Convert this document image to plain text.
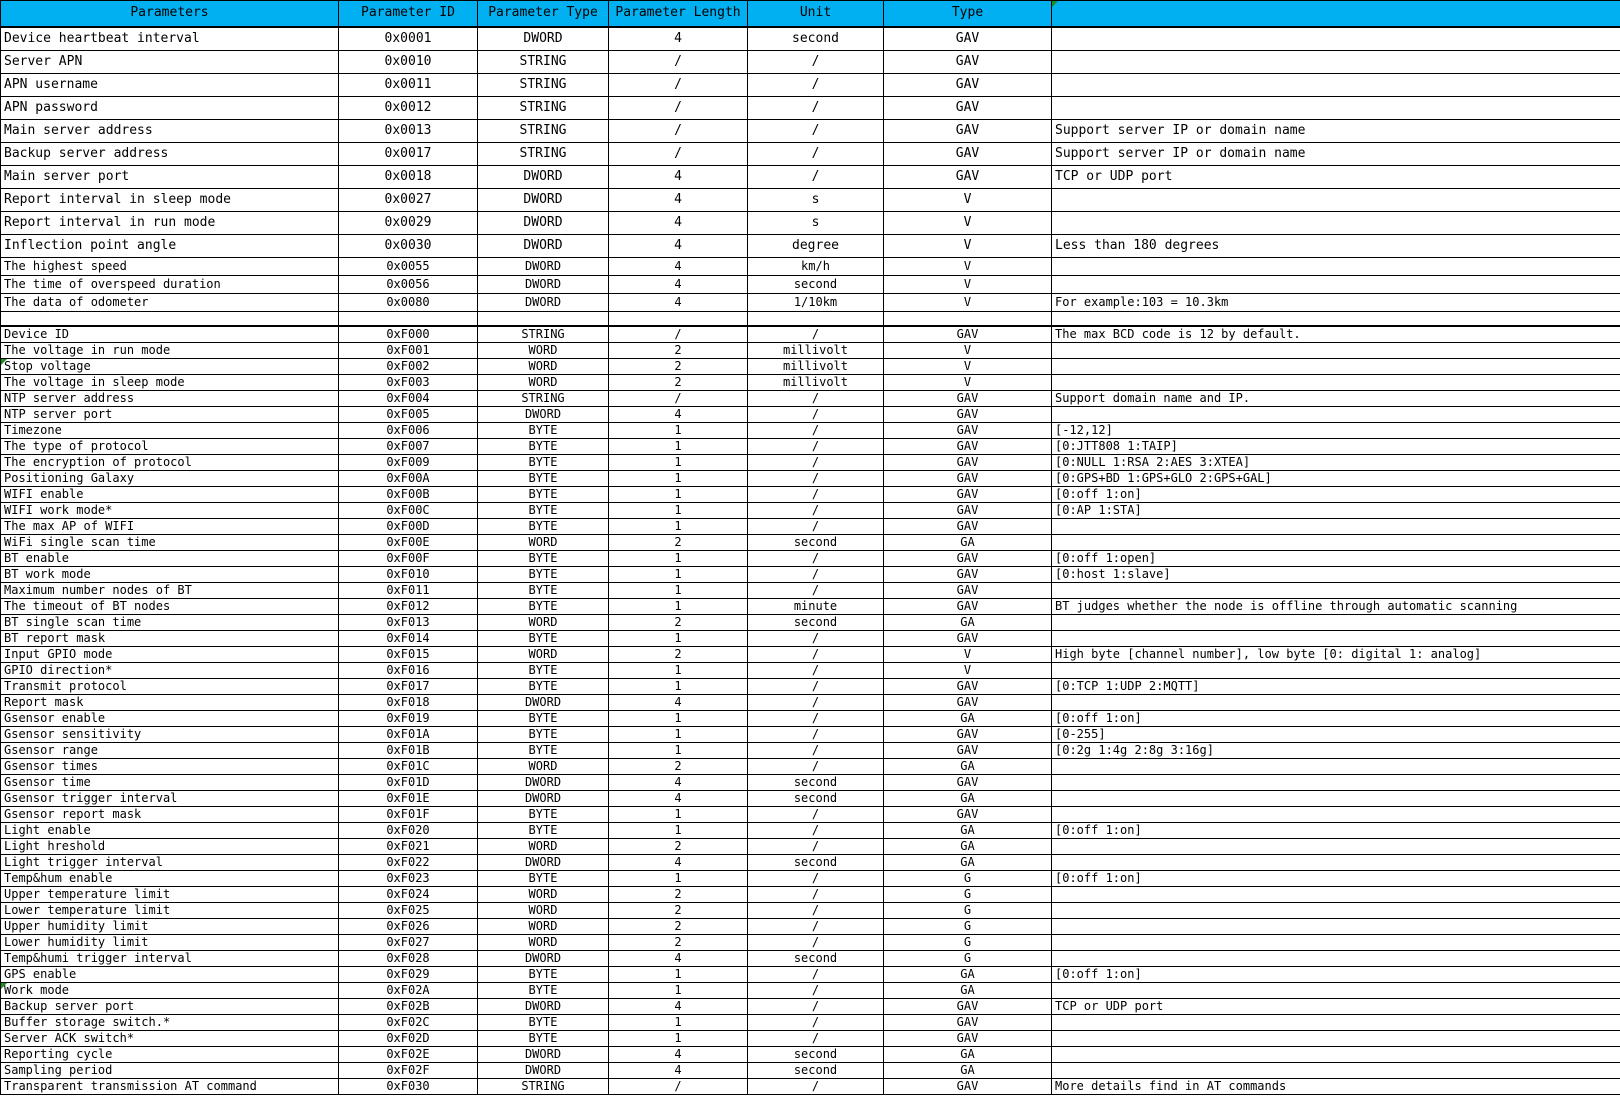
Parameters	Parameter ID	Parameter Type	Parameter Length	Unit	Type	

Device heartbeat interval	0x0001	DWORD	4	second	GAV	
Server APN	0x0010	STRING	/	/	GAV	
APN username	0x0011	STRING	/	/	GAV	
APN password	0x0012	STRING	/	/	GAV	
Main server address	0x0013	STRING	/	/	GAV	Support server IP or domain name
Backup server address	0x0017	STRING	/	/	GAV	Support server IP or domain name
Main server port	0x0018	DWORD	4	/	GAV	TCP or UDP port
Report interval in sleep mode	0x0027	DWORD	4	s	V	
Report interval in run mode	0x0029	DWORD	4	s	V	
Inflection point angle	0x0030	DWORD	4	degree	V	Less than 180 degrees
The highest speed	0x0055	DWORD	4	km/h	V	
The time of overspeed duration	0x0056	DWORD	4	second	V	
The data of odometer	0x0080	DWORD	4	1/10km	V	For example:103 = 10.3km

Device ID	0xF000	STRING	/	/	GAV	The max BCD code is 12 by default.
The voltage in run mode	0xF001	WORD	2	millivolt	V	
Stop voltage	0xF002	WORD	2	millivolt	V	
The voltage in sleep mode	0xF003	WORD	2	millivolt	V	
NTP server address	0xF004	STRING	/	/	GAV	Support domain name and IP.
NTP server port	0xF005	DWORD	4	/	GAV	
Timezone	0xF006	BYTE	1	/	GAV	[-12,12]
The type of protocol	0xF007	BYTE	1	/	GAV	[0:JTT808 1:TAIP]
The encryption of protocol	0xF009	BYTE	1	/	GAV	[0:NULL 1:RSA 2:AES 3:XTEA]
Positioning Galaxy	0xF00A	BYTE	1	/	GAV	[0:GPS+BD 1:GPS+GLO 2:GPS+GAL]
WIFI enable	0xF00B	BYTE	1	/	GAV	[0:off 1:on]
WIFI work mode*	0xF00C	BYTE	1	/	GAV	[0:AP 1:STA]
The max AP of WIFI	0xF00D	BYTE	1	/	GAV	
WiFi single scan time	0xF00E	WORD	2	second	GA	
BT enable	0xF00F	BYTE	1	/	GAV	[0:off 1:open]
BT work mode	0xF010	BYTE	1	/	GAV	[0:host 1:slave]
Maximum number nodes of BT	0xF011	BYTE	1	/	GAV	
The timeout of BT nodes	0xF012	BYTE	1	minute	GAV	BT judges whether the node is offline through automatic scanning
BT single scan time	0xF013	WORD	2	second	GA	
BT report mask	0xF014	BYTE	1	/	GAV	
Input GPIO mode	0xF015	WORD	2	/	V	High byte [channel number], low byte [0: digital 1: analog]
GPIO direction*	0xF016	BYTE	1	/	V	
Transmit protocol	0xF017	BYTE	1	/	GAV	[0:TCP 1:UDP 2:MQTT]
Report mask	0xF018	DWORD	4	/	GAV	
Gsensor enable	0xF019	BYTE	1	/	GA	[0:off 1:on]
Gsensor sensitivity	0xF01A	BYTE	1	/	GAV	[0-255]
Gsensor range	0xF01B	BYTE	1	/	GAV	[0:2g 1:4g 2:8g 3:16g]
Gsensor times	0xF01C	WORD	2	/	GA	
Gsensor time	0xF01D	DWORD	4	second	GAV	
Gsensor trigger interval	0xF01E	DWORD	4	second	GA	
Gsensor report mask	0xF01F	BYTE	1	/	GAV	
Light enable	0xF020	BYTE	1	/	GA	[0:off 1:on]
Light hreshold	0xF021	WORD	2	/	GA	
Light trigger interval	0xF022	DWORD	4	second	GA	
Temp&hum enable	0xF023	BYTE	1	/	G	[0:off 1:on]
Upper temperature limit	0xF024	WORD	2	/	G	
Lower temperature limit	0xF025	WORD	2	/	G	
Upper humidity limit	0xF026	WORD	2	/	G	
Lower humidity limit	0xF027	WORD	2	/	G	
Temp&humi trigger interval	0xF028	DWORD	4	second	G	
GPS enable	0xF029	BYTE	1	/	GA	[0:off 1:on]
Work mode	0xF02A	BYTE	1	/	GA	
Backup server port	0xF02B	DWORD	4	/	GAV	TCP or UDP port
Buffer storage switch.*	0xF02C	BYTE	1	/	GAV	
Server ACK switch*	0xF02D	BYTE	1	/	GAV	
Reporting cycle	0xF02E	DWORD	4	second	GA	
Sampling period	0xF02F	DWORD	4	second	GA	
Transparent transmission AT command	0xF030	STRING	/	/	GAV	More details find in AT commands
